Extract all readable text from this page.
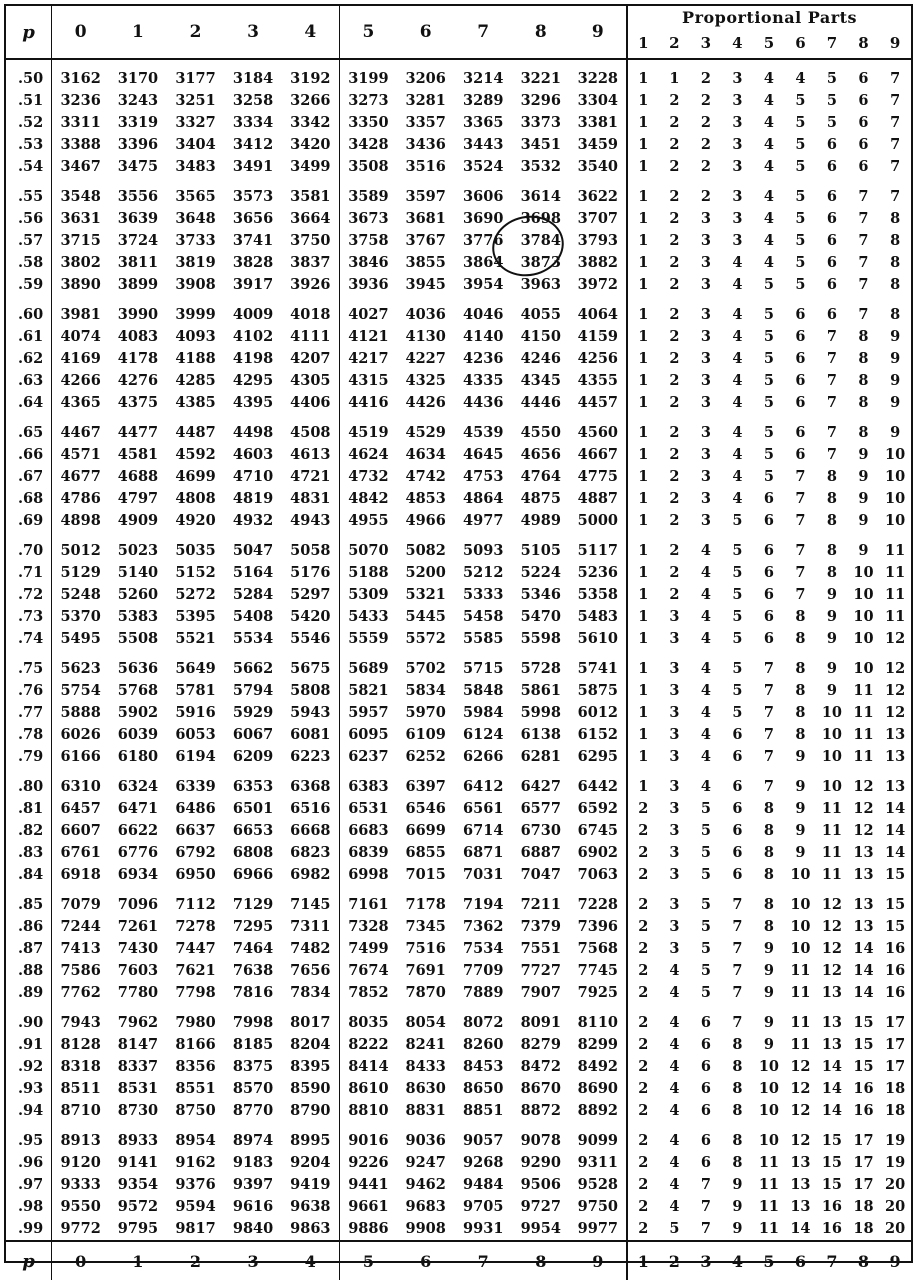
p	0	1	2	3	4	5	6	7	8	9	Proportional Parts								
											1	2	3	4	5	6	7	8	9
.50	3162	3170	3177	3184	3192	3199	3206	3214	3221	3228	1	1	2	3	4	4	5	6	7
.51	3236	3243	3251	3258	3266	3273	3281	3289	3296	3304	1	2	2	3	4	5	5	6	7
.52	3311	3319	3327	3334	3342	3350	3357	3365	3373	3381	1	2	2	3	4	5	5	6	7
.53	3388	3396	3404	3412	3420	3428	3436	3443	3451	3459	1	2	2	3	4	5	6	6	7
.54	3467	3475	3483	3491	3499	3508	3516	3524	3532	3540	1	2	2	3	4	5	6	6	7
.55	3548	3556	3565	3573	3581	3589	3597	3606	3614	3622	1	2	2	3	4	5	6	7	7
.56	3631	3639	3648	3656	3664	3673	3681	3690	3698	3707	1	2	3	3	4	5	6	7	8
.57	3715	3724	3733	3741	3750	3758	3767	3776	3784	3793	1	2	3	3	4	5	6	7	8
.58	3802	3811	3819	3828	3837	3846	3855	3864	3873	3882	1	2	3	4	4	5	6	7	8
.59	3890	3899	3908	3917	3926	3936	3945	3954	3963	3972	1	2	3	4	5	5	6	7	8
.60	3981	3990	3999	4009	4018	4027	4036	4046	4055	4064	1	2	3	4	5	6	6	7	8
.61	4074	4083	4093	4102	4111	4121	4130	4140	4150	4159	1	2	3	4	5	6	7	8	9
.62	4169	4178	4188	4198	4207	4217	4227	4236	4246	4256	1	2	3	4	5	6	7	8	9
.63	4266	4276	4285	4295	4305	4315	4325	4335	4345	4355	1	2	3	4	5	6	7	8	9
.64	4365	4375	4385	4395	4406	4416	4426	4436	4446	4457	1	2	3	4	5	6	7	8	9
.65	4467	4477	4487	4498	4508	4519	4529	4539	4550	4560	1	2	3	4	5	6	7	8	9
.66	4571	4581	4592	4603	4613	4624	4634	4645	4656	4667	1	2	3	4	5	6	7	9	10
.67	4677	4688	4699	4710	4721	4732	4742	4753	4764	4775	1	2	3	4	5	7	8	9	10
.68	4786	4797	4808	4819	4831	4842	4853	4864	4875	4887	1	2	3	4	6	7	8	9	10
.69	4898	4909	4920	4932	4943	4955	4966	4977	4989	5000	1	2	3	5	6	7	8	9	10
.70	5012	5023	5035	5047	5058	5070	5082	5093	5105	5117	1	2	4	5	6	7	8	9	11
.71	5129	5140	5152	5164	5176	5188	5200	5212	5224	5236	1	2	4	5	6	7	8	10	11
.72	5248	5260	5272	5284	5297	5309	5321	5333	5346	5358	1	2	4	5	6	7	9	10	11
.73	5370	5383	5395	5408	5420	5433	5445	5458	5470	5483	1	3	4	5	6	8	9	10	11
.74	5495	5508	5521	5534	5546	5559	5572	5585	5598	5610	1	3	4	5	6	8	9	10	12
.75	5623	5636	5649	5662	5675	5689	5702	5715	5728	5741	1	3	4	5	7	8	9	10	12
.76	5754	5768	5781	5794	5808	5821	5834	5848	5861	5875	1	3	4	5	7	8	9	11	12
.77	5888	5902	5916	5929	5943	5957	5970	5984	5998	6012	1	3	4	5	7	8	10	11	12
.78	6026	6039	6053	6067	6081	6095	6109	6124	6138	6152	1	3	4	6	7	8	10	11	13
.79	6166	6180	6194	6209	6223	6237	6252	6266	6281	6295	1	3	4	6	7	9	10	11	13
.80	6310	6324	6339	6353	6368	6383	6397	6412	6427	6442	1	3	4	6	7	9	10	12	13
.81	6457	6471	6486	6501	6516	6531	6546	6561	6577	6592	2	3	5	6	8	9	11	12	14
.82	6607	6622	6637	6653	6668	6683	6699	6714	6730	6745	2	3	5	6	8	9	11	12	14
.83	6761	6776	6792	6808	6823	6839	6855	6871	6887	6902	2	3	5	6	8	9	11	13	14
.84	6918	6934	6950	6966	6982	6998	7015	7031	7047	7063	2	3	5	6	8	10	11	13	15
.85	7079	7096	7112	7129	7145	7161	7178	7194	7211	7228	2	3	5	7	8	10	12	13	15
.86	7244	7261	7278	7295	7311	7328	7345	7362	7379	7396	2	3	5	7	8	10	12	13	15
.87	7413	7430	7447	7464	7482	7499	7516	7534	7551	7568	2	3	5	7	9	10	12	14	16
.88	7586	7603	7621	7638	7656	7674	7691	7709	7727	7745	2	4	5	7	9	11	12	14	16
.89	7762	7780	7798	7816	7834	7852	7870	7889	7907	7925	2	4	5	7	9	11	13	14	16
.90	7943	7962	7980	7998	8017	8035	8054	8072	8091	8110	2	4	6	7	9	11	13	15	17
.91	8128	8147	8166	8185	8204	8222	8241	8260	8279	8299	2	4	6	8	9	11	13	15	17
.92	8318	8337	8356	8375	8395	8414	8433	8453	8472	8492	2	4	6	8	10	12	14	15	17
.93	8511	8531	8551	8570	8590	8610	8630	8650	8670	8690	2	4	6	8	10	12	14	16	18
.94	8710	8730	8750	8770	8790	8810	8831	8851	8872	8892	2	4	6	8	10	12	14	16	18
.95	8913	8933	8954	8974	8995	9016	9036	9057	9078	9099	2	4	6	8	10	12	15	17	19
.96	9120	9141	9162	9183	9204	9226	9247	9268	9290	9311	2	4	6	8	11	13	15	17	19
.97	9333	9354	9376	9397	9419	9441	9462	9484	9506	9528	2	4	7	9	11	13	15	17	20
.98	9550	9572	9594	9616	9638	9661	9683	9705	9727	9750	2	4	7	9	11	13	16	18	20
.99	9772	9795	9817	9840	9863	9886	9908	9931	9954	9977	2	5	7	9	11	14	16	18	20
p	0	1	2	3	4	5	6	7	8	9	1	2	3	4	5	6	7	8	9
